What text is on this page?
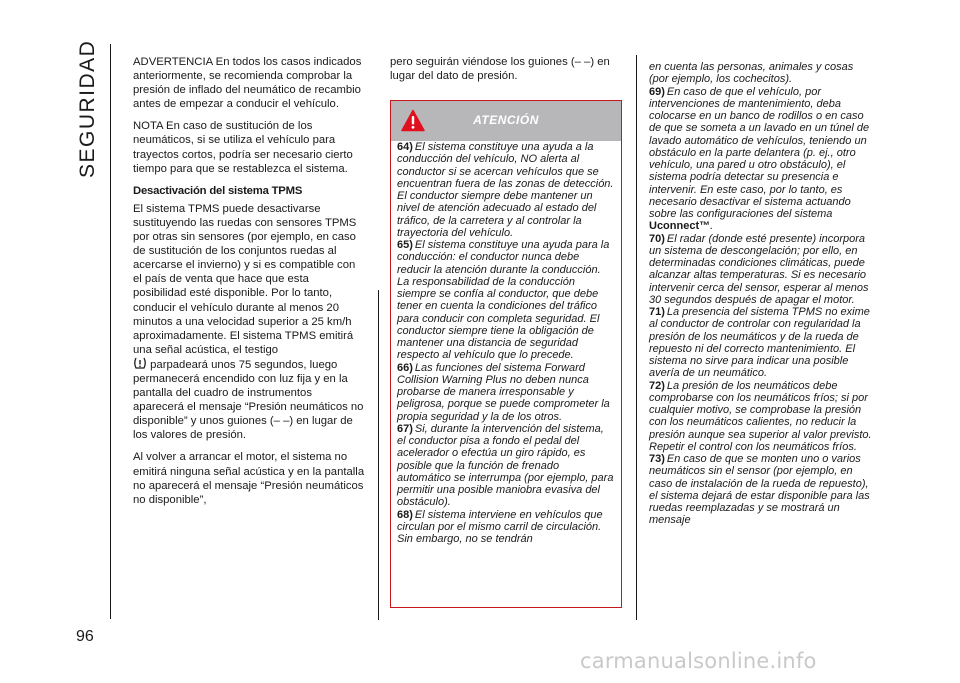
SEGURIDAD
96

ADVERTENCIA En todos los casos indicados anteriormente, se recomienda comprobar la presión de inflado del neumático de recambio antes de empezar a conducir el vehículo.

NOTA En caso de sustitución de los neumáticos, si se utiliza el vehículo para trayectos cortos, podría ser necesario cierto tiempo para que se restablezca el sistema.

Desactivación del sistema TPMS

El sistema TPMS puede desactivarse sustituyendo las ruedas con sensores TPMS por otras sin sensores (por ejemplo, en caso de sustitución de los conjuntos ruedas al acercarse el invierno) y si es compatible con el país de venta que hace que esta posibilidad esté disponible. Por lo tanto, conducir el vehículo durante al menos 20 minutos a una velocidad superior a 25 km/h aproximadamente. El sistema TPMS emitirá una señal acústica, el testigo
parpadeará unos 75 segundos, luego permanecerá encendido con luz fija y en la pantalla del cuadro de instrumentos aparecerá el mensaje “Presión neumáticos no disponible” y unos guiones (– –) en lugar de los valores de presión.

Al volver a arrancar el motor, el sistema no emitirá ninguna señal acústica y en la pantalla no aparecerá el mensaje “Presión neumáticos no disponible”,

pero seguirán viéndose los guiones (– –) en lugar del dato de presión.

ATENCIÓN

64) El sistema constituye una ayuda a la conducción del vehículo, NO alerta al conductor si se acercan vehículos que se encuentran fuera de las zonas de detección. El conductor siempre debe mantener un nivel de atención adecuado al estado del tráfico, de la carretera y al controlar la trayectoria del vehículo.

65) El sistema constituye una ayuda para la conducción: el conductor nunca debe reducir la atención durante la conducción. La responsabilidad de la conducción siempre se confía al conductor, que debe tener en cuenta la condiciones del tráfico para conducir con completa seguridad. El conductor siempre tiene la obligación de mantener una distancia de seguridad respecto al vehículo que lo precede.

66) Las funciones del sistema Forward Collision Warning Plus no deben nunca probarse de manera irresponsable y peligrosa, porque se puede comprometer la propia seguridad y la de los otros.

67) Si, durante la intervención del sistema, el conductor pisa a fondo el pedal del acelerador o efectúa un giro rápido, es posible que la función de frenado automático se interrumpa (por ejemplo, para permitir una posible maniobra evasiva del obstáculo).

68) El sistema interviene en vehículos que circulan por el mismo carril de circulación. Sin embargo, no se tendrán

en cuenta las personas, animales y cosas (por ejemplo, los cochecitos).

69) En caso de que el vehículo, por intervenciones de mantenimiento, deba colocarse en un banco de rodillos o en caso de que se someta a un lavado en un túnel de lavado automático de vehículos, teniendo un obstáculo en la parte delantera (p. ej., otro vehículo, una pared u otro obstáculo), el sistema podría detectar su presencia e intervenir. En este caso, por lo tanto, es necesario desactivar el sistema actuando sobre las configuraciones del sistema Uconnect™.

70) El radar (donde esté presente) incorpora un sistema de descongelación; por ello, en determinadas condiciones climáticas, puede alcanzar altas temperaturas. Si es necesario intervenir cerca del sensor, esperar al menos 30 segundos después de apagar el motor.

71) La presencia del sistema TPMS no exime al conductor de controlar con regularidad la presión de los neumáticos y de la rueda de repuesto ni del correcto mantenimiento. El sistema no sirve para indicar una posible avería de un neumático.

72) La presión de los neumáticos debe comprobarse con los neumáticos fríos; si por cualquier motivo, se comprobase la presión con los neumáticos calientes, no reducir la presión aunque sea superior al valor previsto. Repetir el control con los neumáticos fríos.

73) En caso de que se monten uno o varios neumáticos sin el sensor (por ejemplo, en caso de instalación de la rueda de repuesto), el sistema dejará de estar disponible para las ruedas reemplazadas y se mostrará un mensaje

carmanualsonline.info
